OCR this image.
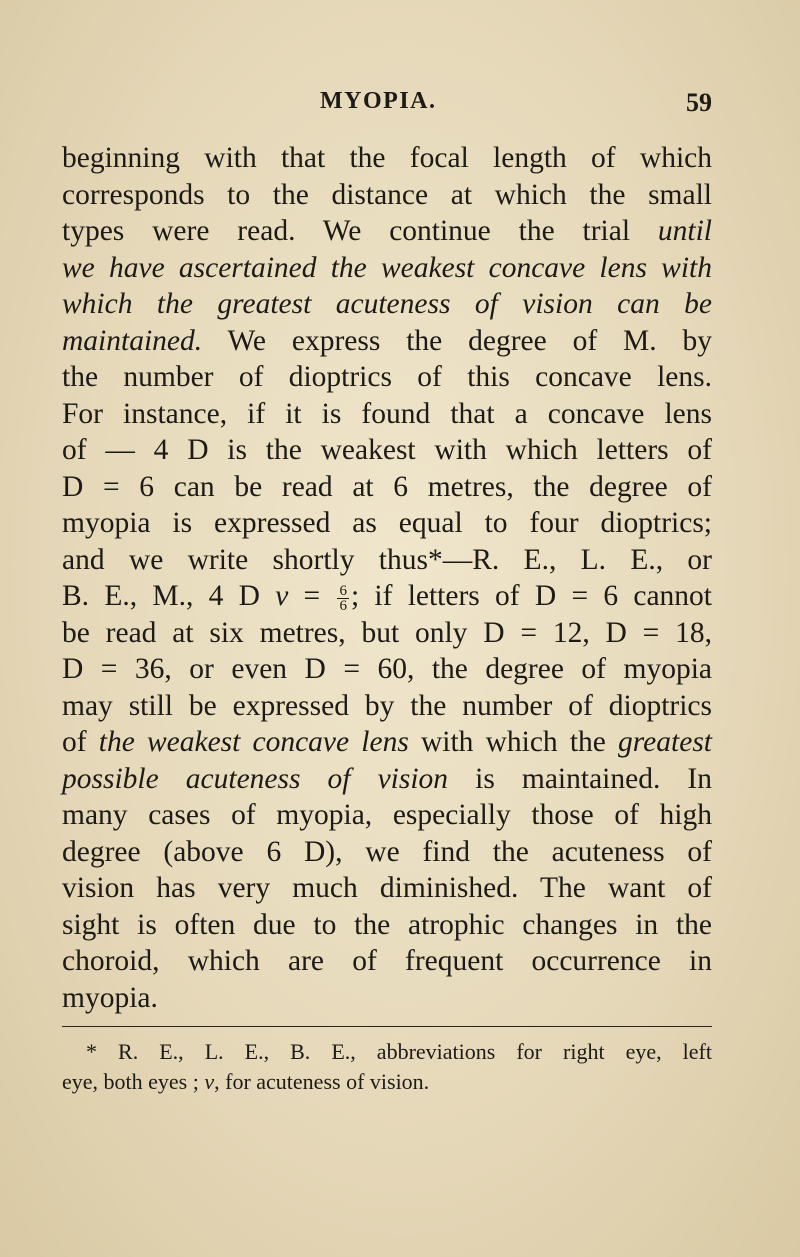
MYOPIA.	59
beginning with that the focal length of which
corresponds to the distance at which the small
types were read. We continue the trial until
we have ascertained the weakest concave lens with
which the greatest acuteness of vision can be
maintained. We express the degree of M. by
the number of dioptrics of this concave lens.
For instance, if it is found that a concave lens
of — 4 D is the weakest with which letters of
D = 6 can be read at 6 metres, the degree of
myopia is expressed as equal to four dioptrics;
and we write shortly thus*—R. E., L. E., or
B. E., M., 4 D $v = \frac{6}{6}$ ; if letters of D = 6 cannot
be read at six metres, but only D = 12, D = 18,
D = 36, or even D = 60, the degree of myopia
may still be expressed by the number of dioptrics
of the weakest concave lens with which the greatest
possible acuteness of vision is maintained. In
many cases of myopia, especially those of high
degree (above 6 D), we find the acuteness of
vision has very much diminished. The want of
sight is often due to the atrophic changes in the
choroid, which are of frequent occurrence in
myopia.
* R. E., L. E., B. E., abbreviations for right eye, left
eye, both eyes ; v, for acuteness of vision.
